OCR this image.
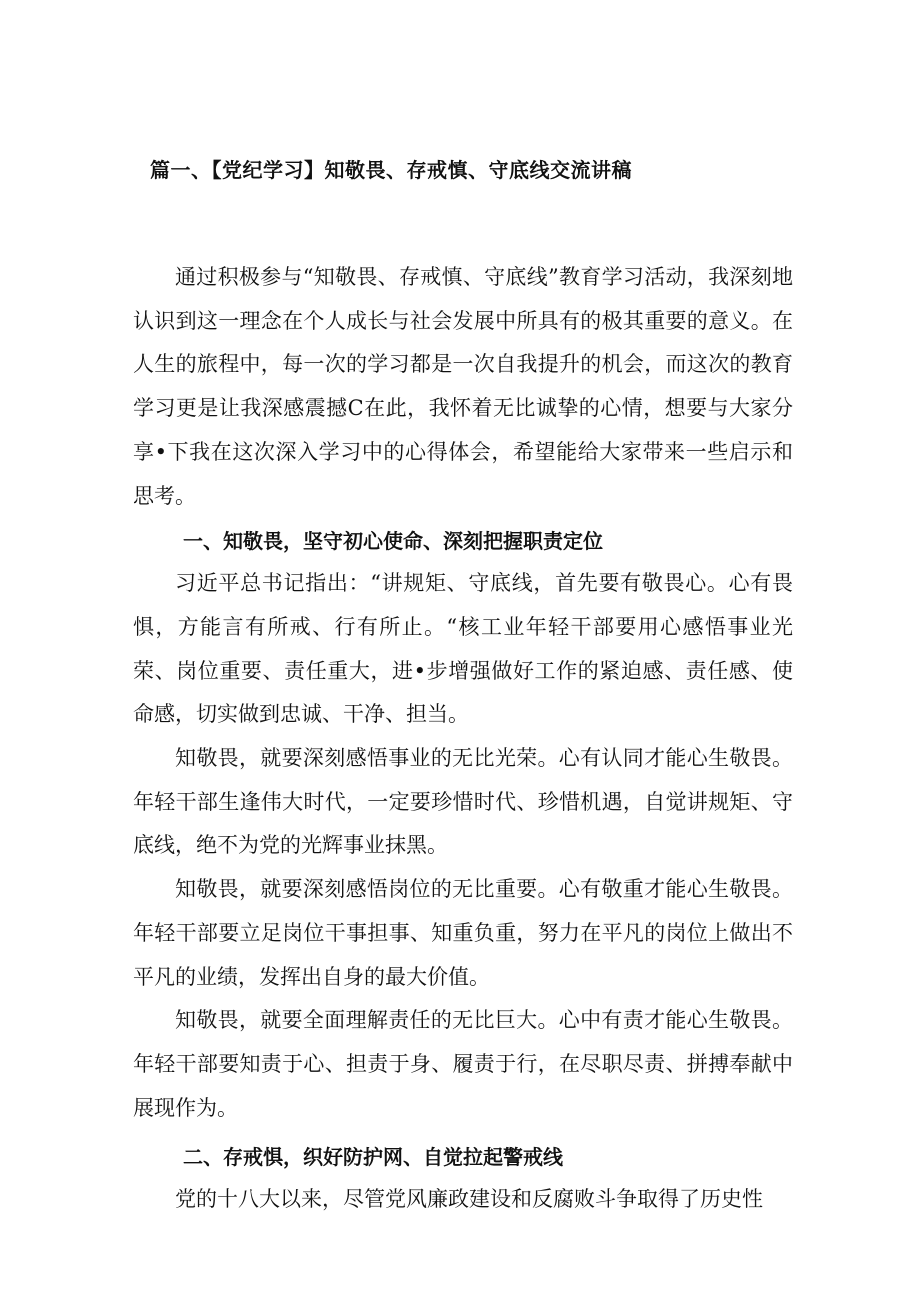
篇一、【党纪学习】知敬畏、存戒慎、守底线交流讲稿

通过积极参与“知敬畏、存戒慎、守底线”教育学习活动，我深刻地认识到这一理念在个人成长与社会发展中所具有的极其重要的意义。在人生的旅程中，每一次的学习都是一次自我提升的机会，而这次的教育学习更是让我深感震撼C在此，我怀着无比诚挚的心情，想要与大家分享•下我在这次深入学习中的心得体会，希望能给大家带来一些启示和思考。

一、知敬畏，坚守初心使命、深刻把握职责定位

习近平总书记指出：“讲规矩、守底线，首先要有敬畏心。心有畏惧，方能言有所戒、行有所止。“核工业年轻干部要用心感悟事业光荣、岗位重要、责任重大，进•步增强做好工作的紧迫感、责任感、使命感，切实做到忠诚、干净、担当。

知敬畏，就要深刻感悟事业的无比光荣。心有认同才能心生敬畏。年轻干部生逢伟大时代，一定要珍惜时代、珍惜机遇，自觉讲规矩、守底线，绝不为党的光辉事业抹黑。

知敬畏，就要深刻感悟岗位的无比重要。心有敬重才能心生敬畏。年轻干部要立足岗位干事担事、知重负重，努力在平凡的岗位上做出不平凡的业绩，发挥出自身的最大价值。

知敬畏，就要全面理解责任的无比巨大。心中有责才能心生敬畏。年轻干部要知责于心、担责于身、履责于行，在尽职尽责、拼搏奉献中展现作为。

二、存戒惧，织好防护网、自觉拉起警戒线

党的十八大以来，尽管党风廉政建设和反腐败斗争取得了历史性
